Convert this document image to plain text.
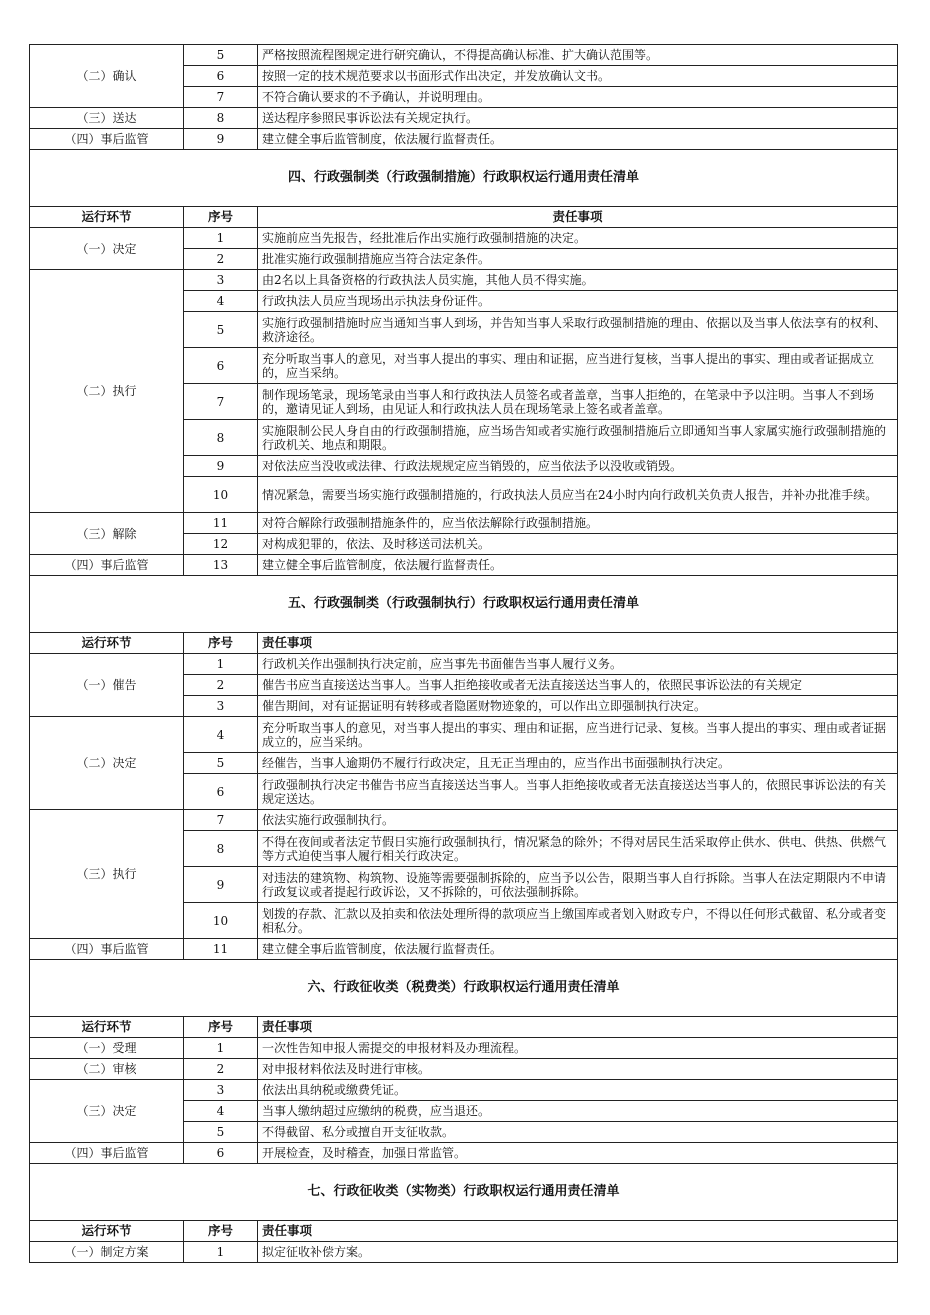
（二）确认	5	严格按照流程图规定进行研究确认，不得提高确认标准、扩大确认范围等。
	6	按照一定的技术规范要求以书面形式作出决定，并发放确认文书。
	7	不符合确认要求的不予确认，并说明理由。
（三）送达	8	送达程序参照民事诉讼法有关规定执行。
（四）事后监管	9	建立健全事后监管制度，依法履行监督责任。
四、行政强制类（行政强制措施）行政职权运行通用责任清单		
运行环节	序号	责任事项
（一）决定	1	实施前应当先报告，经批准后作出实施行政强制措施的决定。
	2	批准实施行政强制措施应当符合法定条件。
（二）执行	3	由2名以上具备资格的行政执法人员实施，其他人员不得实施。
	4	行政执法人员应当现场出示执法身份证件。
	5	实施行政强制措施时应当通知当事人到场，并告知当事人采取行政强制措施的理由、依据以及当事人依法享有的权利、救济途径。
	6	充分听取当事人的意见，对当事人提出的事实、理由和证据，应当进行复核，当事人提出的事实、理由或者证据成立的，应当采纳。
	7	制作现场笔录，现场笔录由当事人和行政执法人员签名或者盖章，当事人拒绝的，在笔录中予以注明。当事人不到场的，邀请见证人到场，由见证人和行政执法人员在现场笔录上签名或者盖章。
	8	实施限制公民人身自由的行政强制措施，应当场告知或者实施行政强制措施后立即通知当事人家属实施行政强制措施的行政机关、地点和期限。
	9	对依法应当没收或法律、行政法规规定应当销毁的，应当依法予以没收或销毁。
	10	情况紧急，需要当场实施行政强制措施的，行政执法人员应当在24小时内向行政机关负责人报告，并补办批准手续。
（三）解除	11	对符合解除行政强制措施条件的，应当依法解除行政强制措施。
	12	对构成犯罪的，依法、及时移送司法机关。
（四）事后监管	13	建立健全事后监管制度，依法履行监督责任。
五、行政强制类（行政强制执行）行政职权运行通用责任清单		
运行环节	序号	责任事项
（一）催告	1	行政机关作出强制执行决定前，应当事先书面催告当事人履行义务。
	2	催告书应当直接送达当事人。当事人拒绝接收或者无法直接送达当事人的，依照民事诉讼法的有关规定
	3	催告期间，对有证据证明有转移或者隐匿财物迹象的，可以作出立即强制执行决定。
（二）决定	4	充分听取当事人的意见，对当事人提出的事实、理由和证据，应当进行记录、复核。当事人提出的事实、理由或者证据成立的，应当采纳。
	5	经催告，当事人逾期仍不履行行政决定，且无正当理由的，应当作出书面强制执行决定。
	6	行政强制执行决定书催告书应当直接送达当事人。当事人拒绝接收或者无法直接送达当事人的，依照民事诉讼法的有关规定送达。
（三）执行	7	依法实施行政强制执行。
	8	不得在夜间或者法定节假日实施行政强制执行，情况紧急的除外；不得对居民生活采取停止供水、供电、供热、供燃气等方式迫使当事人履行相关行政决定。
	9	对违法的建筑物、构筑物、设施等需要强制拆除的，应当予以公告，限期当事人自行拆除。当事人在法定期限内不申请行政复议或者提起行政诉讼，又不拆除的，可依法强制拆除。
	10	划拨的存款、汇款以及拍卖和依法处理所得的款项应当上缴国库或者划入财政专户，不得以任何形式截留、私分或者变相私分。
（四）事后监管	11	建立健全事后监管制度，依法履行监督责任。
六、行政征收类（税费类）行政职权运行通用责任清单		
运行环节	序号	责任事项
（一）受理	1	一次性告知申报人需提交的申报材料及办理流程。
（二）审核	2	对申报材料依法及时进行审核。
（三）决定	3	依法出具纳税或缴费凭证。
	4	当事人缴纳超过应缴纳的税费，应当退还。
	5	不得截留、私分或擅自开支征收款。
（四）事后监管	6	开展检查，及时稽查，加强日常监管。
七、行政征收类（实物类）行政职权运行通用责任清单		
运行环节	序号	责任事项
（一）制定方案	1	拟定征收补偿方案。
